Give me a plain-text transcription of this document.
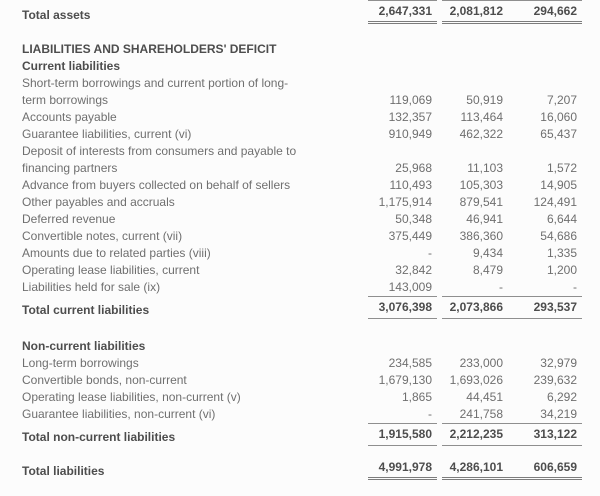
Total assets	2,647,331	2,081,812	294,662
LIABILITIES AND SHAREHOLDERS' DEFICIT
Current liabilities
Short-term borrowings and current portion of long-
term borrowings	119,069	50,919	7,207
Accounts payable	132,357	113,464	16,060
Guarantee liabilities, current (vi)	910,949	462,322	65,437
Deposit of interests from consumers and payable to
financing partners	25,968	11,103	1,572
Advance from buyers collected on behalf of sellers	110,493	105,303	14,905
Other payables and accruals	1,175,914	879,541	124,491
Deferred revenue	50,348	46,941	6,644
Convertible notes, current (vii)	375,449	386,360	54,686
Amounts due to related parties (viii)	-	9,434	1,335
Operating lease liabilities, current	32,842	8,479	1,200
Liabilities held for sale (ix)	143,009	-	-
Total current liabilities	3,076,398	2,073,866	293,537
Non-current liabilities
Long-term borrowings	234,585	233,000	32,979
Convertible bonds, non-current	1,679,130	1,693,026	239,632
Operating lease liabilities, non-current (v)	1,865	44,451	6,292
Guarantee liabilities, non-current (vi)	-	241,758	34,219
Total non-current liabilities	1,915,580	2,212,235	313,122
Total liabilities	4,991,978	4,286,101	606,659
